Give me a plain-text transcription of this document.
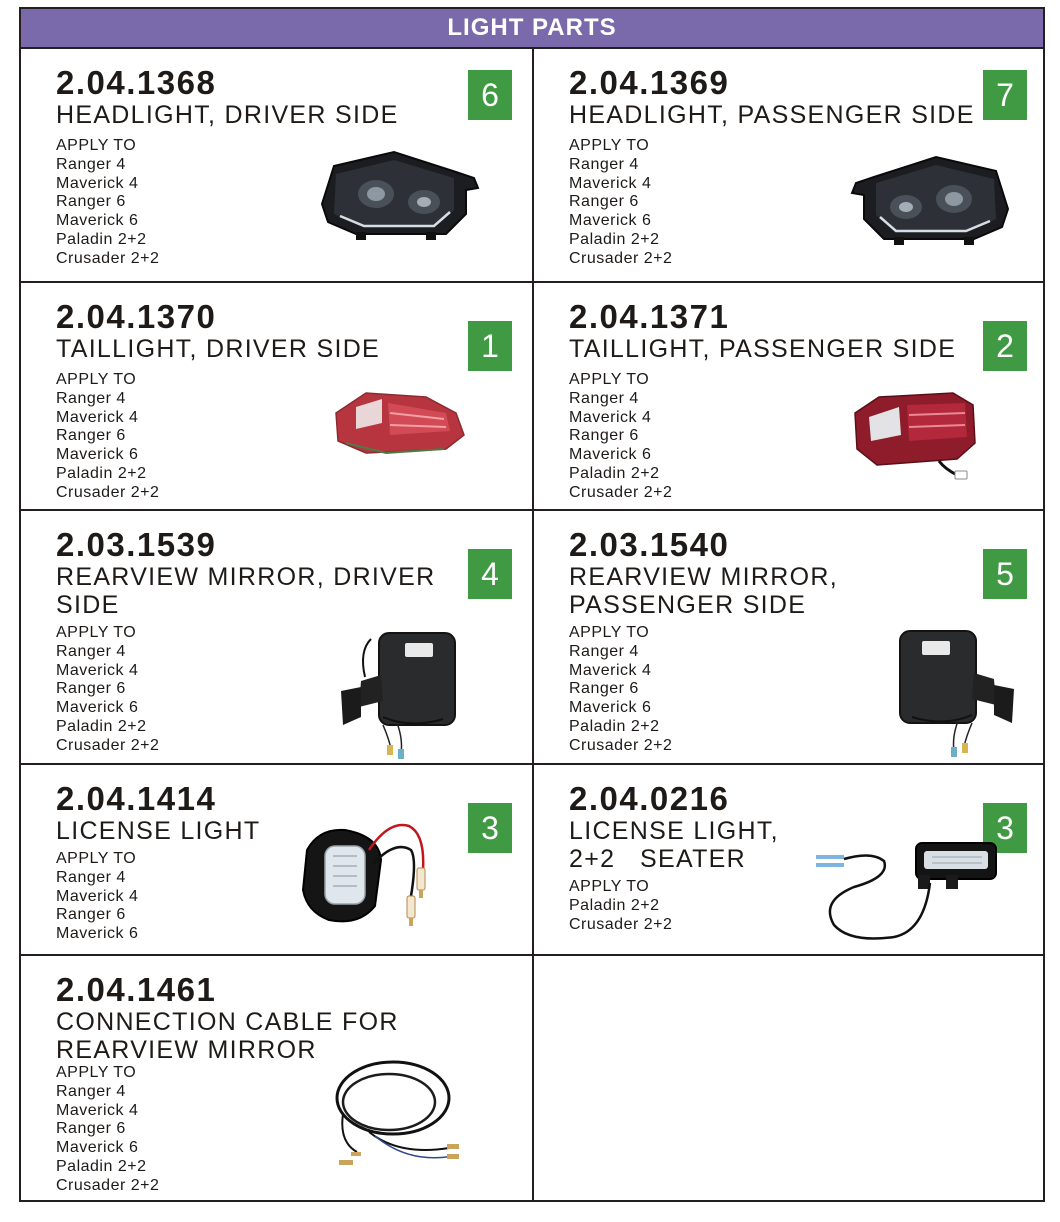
LIGHT PARTS
2.04.1368
HEADLIGHT, DRIVER SIDE
APPLY TO
Ranger 4
Maverick 4
Ranger 6
Maverick 6
Paladin 2+2
Crusader 2+2
6	2.04.1369
HEADLIGHT, PASSENGER SIDE
APPLY TO
Ranger 4
Maverick 4
Ranger 6
Maverick 6
Paladin 2+2
Crusader 2+2
7
2.04.1370
TAILLIGHT, DRIVER SIDE
APPLY TO
Ranger 4
Maverick 4
Ranger 6
Maverick 6
Paladin 2+2
Crusader 2+2
1
2.04.1371
TAILLIGHT, PASSENGER SIDE
APPLY TO
Ranger 4
Maverick 4
Ranger 6
Maverick 6
Paladin 2+2
Crusader 2+2
2
2.03.1539
REARVIEW MIRROR, DRIVER
SIDE
APPLY TO
Ranger 4
Maverick 4
Ranger 6
Maverick 6
Paladin 2+2
Crusader 2+2
4
2.03.1540
REARVIEW MIRROR,
PASSENGER SIDE
APPLY TO
Ranger 4
Maverick 4
Ranger 6
Maverick 6
Paladin 2+2
Crusader 2+2
5
2.04.1414
LICENSE LIGHT
APPLY TO
Ranger 4
Maverick 4
Ranger 6
Maverick 6
3
2.04.0216
LICENSE LIGHT,
2+2   SEATER
APPLY TO
Paladin 2+2
Crusader 2+2
3
2.04.1461
CONNECTION CABLE FOR
REARVIEW MIRROR
APPLY TO
Ranger 4
Maverick 4
Ranger 6
Maverick 6
Paladin 2+2
Crusader 2+2
